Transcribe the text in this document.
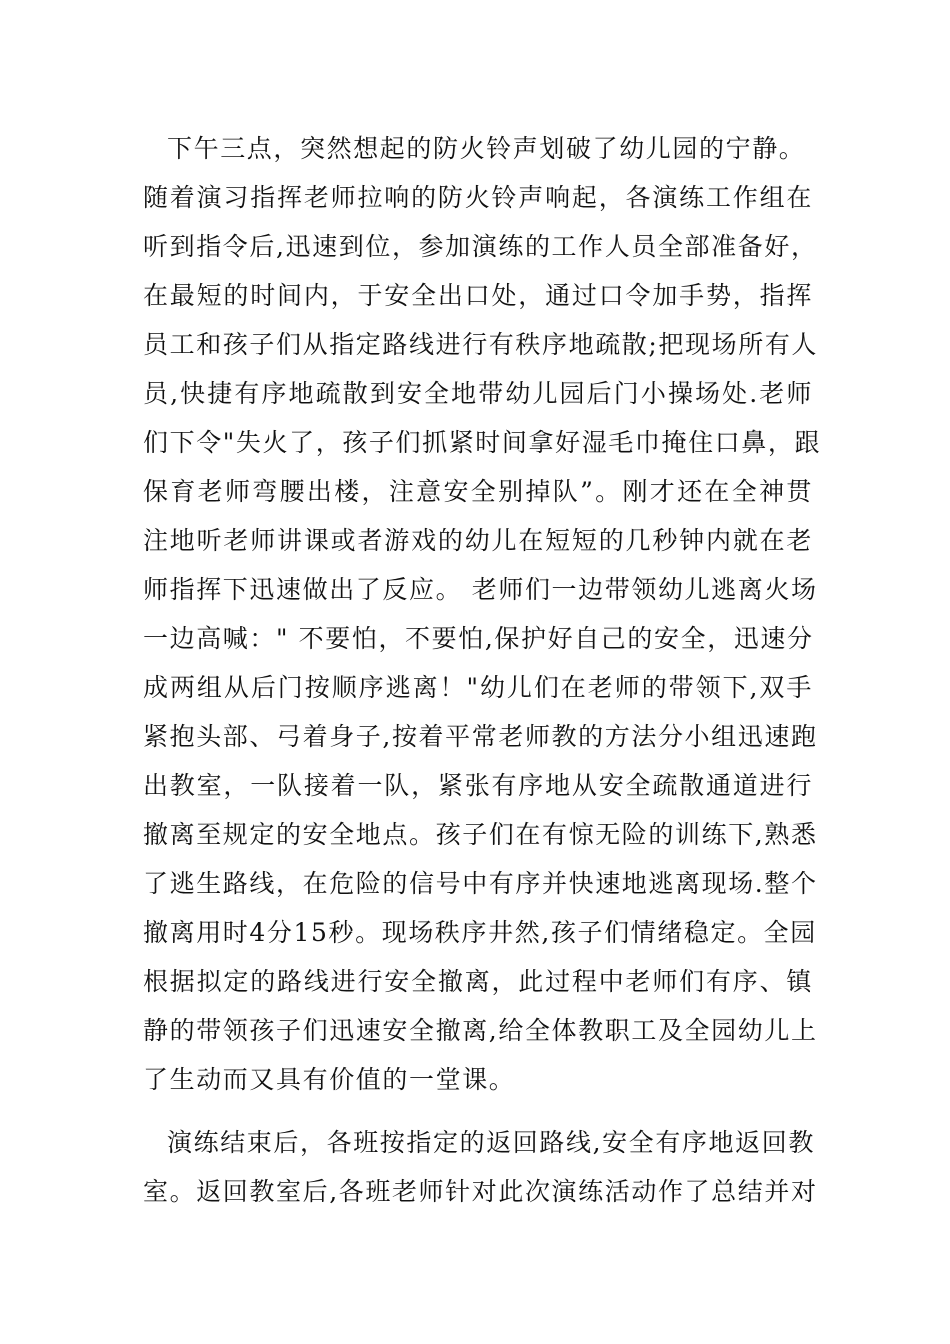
下午三点，突然想起的防火铃声划破了幼儿园的宁静。
随着演习指挥老师拉响的防火铃声响起，各演练工作组在
听到指令后,迅速到位，参加演练的工作人员全部准备好，
在最短的时间内，于安全出口处，通过口令加手势，指挥
员工和孩子们从指定路线进行有秩序地疏散;把现场所有人
员,快捷有序地疏散到安全地带幼儿园后门小操场处.老师
们下令"失火了，孩子们抓紧时间拿好湿毛巾掩住口鼻，跟
保育老师弯腰出楼，注意安全别掉队”。刚才还在全神贯
注地听老师讲课或者游戏的幼儿在短短的几秒钟内就在老
师指挥下迅速做出了反应。 老师们一边带领幼儿逃离火场
一边高喊：" 不要怕，不要怕,保护好自己的安全，迅速分
成两组从后门按顺序逃离！"幼儿们在老师的带领下,双手
紧抱头部、弓着身子,按着平常老师教的方法分小组迅速跑
出教室，一队接着一队，紧张有序地从安全疏散通道进行
撤离至规定的安全地点。孩子们在有惊无险的训练下,熟悉
了逃生路线，在危险的信号中有序并快速地逃离现场.整个
撤离用时4分15秒。现场秩序井然,孩子们情绪稳定。全园
根据拟定的路线进行安全撤离，此过程中老师们有序、镇
静的带领孩子们迅速安全撤离,给全体教职工及全园幼儿上
了生动而又具有价值的一堂课。
演练结束后，各班按指定的返回路线,安全有序地返回教
室。返回教室后,各班老师针对此次演练活动作了总结并对
